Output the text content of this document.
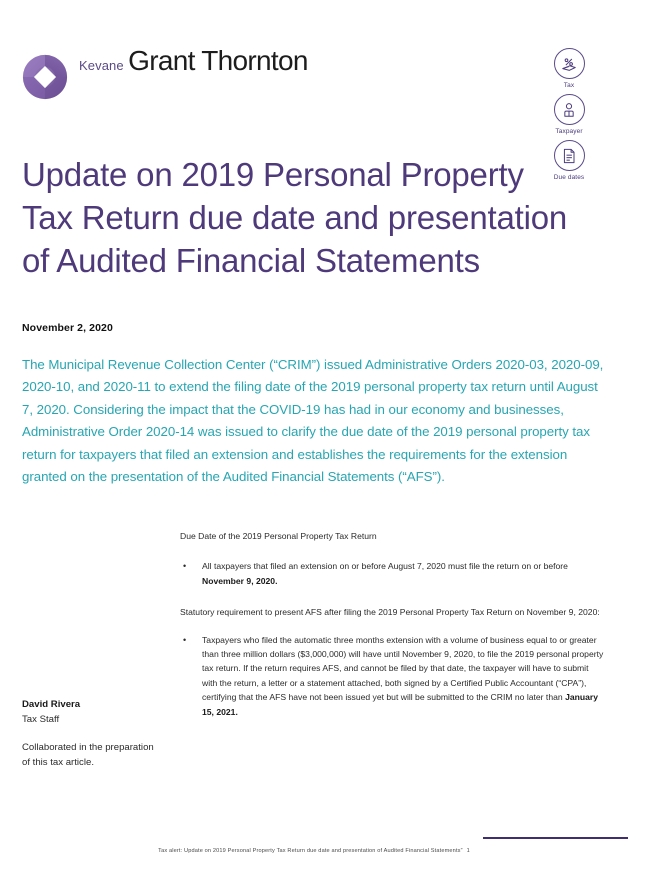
Kevane Grant Thornton
Tax
Taxpayer
Due dates
Update on 2019 Personal Property Tax Return due date and presentation of Audited Financial Statements
November 2, 2020
The Municipal Revenue Collection Center (“CRIM”) issued Administrative Orders 2020-03, 2020-09, 2020-10, and 2020-11 to extend the filing date of the 2019 personal property tax return until August 7, 2020. Considering the impact that the COVID-19 has had in our economy and businesses, Administrative Order 2020-14 was issued to clarify the due date of the 2019 personal property tax return for taxpayers that filed an extension and establishes the requirements for the extension granted on the presentation of the Audited Financial Statements (“AFS”).
David Rivera
Tax Staff
Collaborated in the preparation of this tax article.

Due Date of the 2019 Personal Property Tax Return

•	All taxpayers that filed an extension on or before August 7, 2020 must file the return on or before November 9, 2020.

Statutory requirement to present AFS after filing the 2019 Personal Property Tax Return on November 9, 2020:

•	Taxpayers who filed the automatic three months extension with a volume of business equal to or greater than three million dollars ($3,000,000) will have until November 9, 2020, to file the 2019 personal property tax return. If the return requires AFS, and cannot be filed by that date, the taxpayer will have to submit with the return, a letter or a statement attached, both signed by a Certified Public Accountant (“CPA”), certifying that the AFS have not been issued yet but will be submitted to the CRIM no later than January 15, 2021.
Tax alert: Update on 2019 Personal Property Tax Return due date and presentation of Audited Financial Statements” 1
